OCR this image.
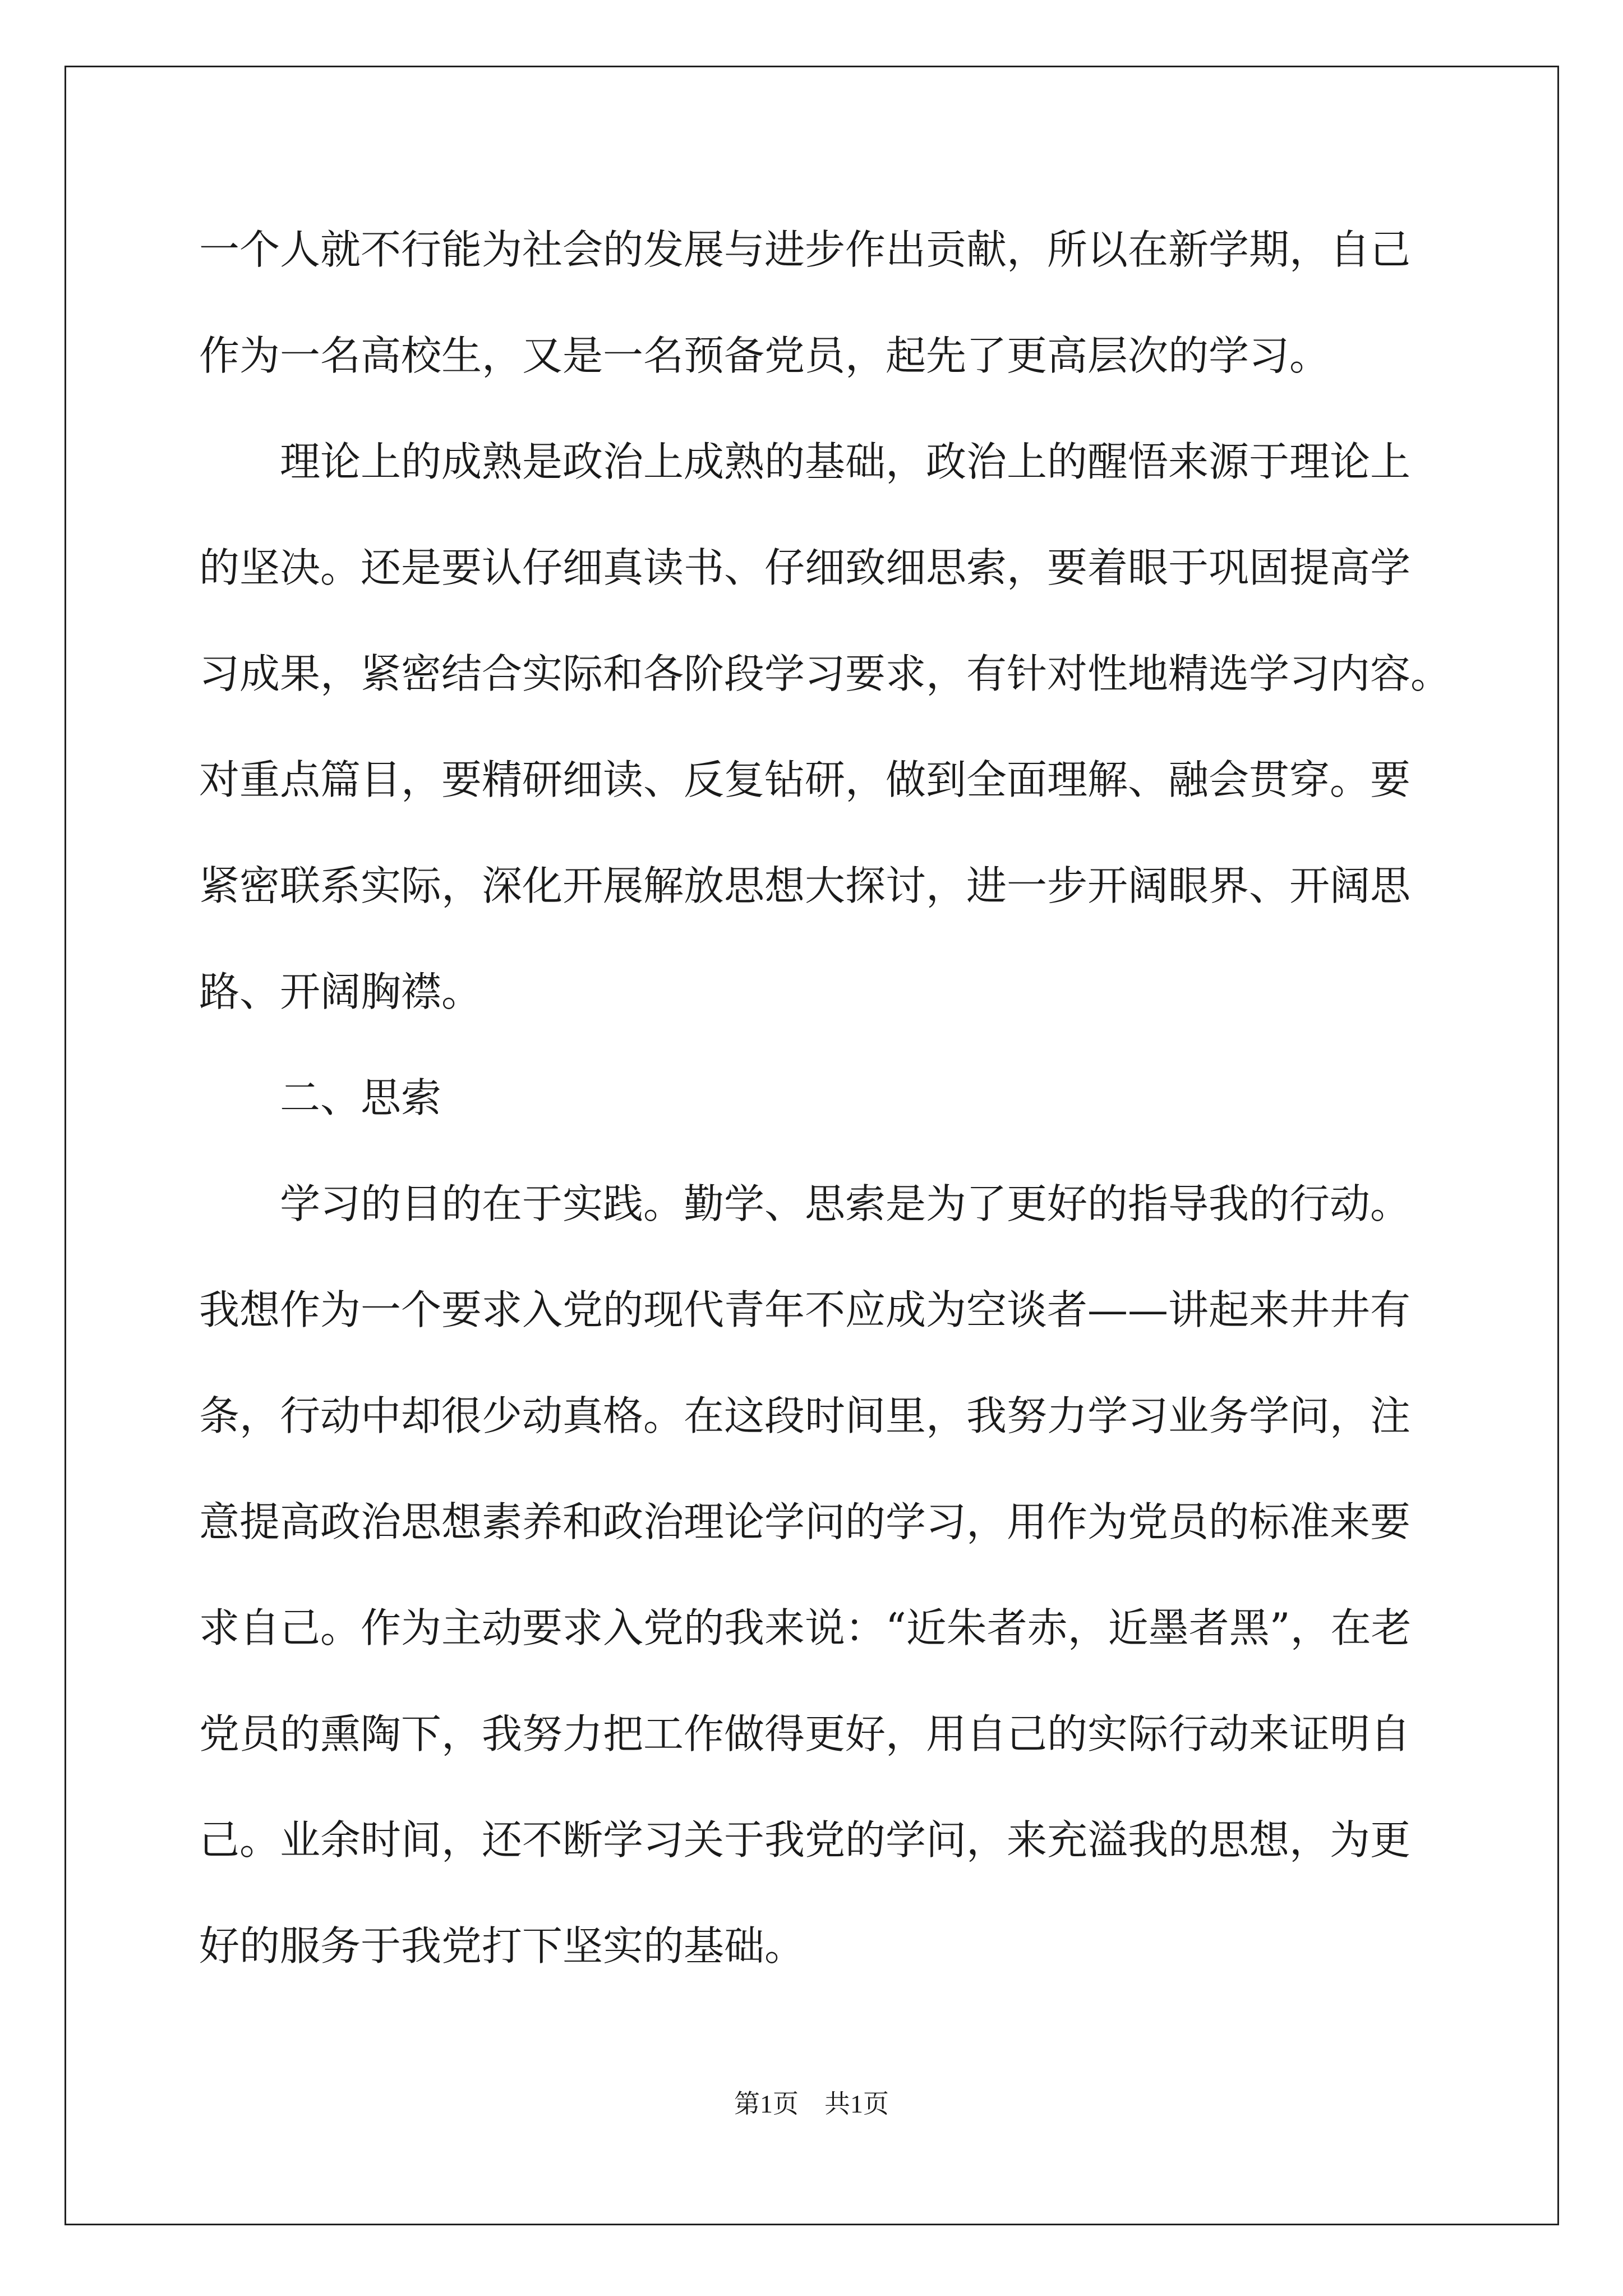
一个人就不行能为社会的发展与进步作出贡献，所以在新学期，自己
作为一名高校生，又是一名预备党员，起先了更高层次的学习。
理论上的成熟是政治上成熟的基础，政治上的醒悟来源于理论上
的坚决。还是要认仔细真读书、仔细致细思索，要着眼于巩固提高学
习成果，紧密结合实际和各阶段学习要求，有针对性地精选学习内容。
对重点篇目，要精研细读、反复钻研，做到全面理解、融会贯穿。要
紧密联系实际，深化开展解放思想大探讨，进一步开阔眼界、开阔思
路、开阔胸襟。
二、思索
学习的目的在于实践。勤学、思索是为了更好的指导我的行动。
我想作为一个要求入党的现代青年不应成为空谈者——讲起来井井有
条，行动中却很少动真格。在这段时间里，我努力学习业务学问，注
意提高政治思想素养和政治理论学问的学习，用作为党员的标准来要
求自己。作为主动要求入党的我来说：“近朱者赤，近墨者黑”，在老
党员的熏陶下，我努力把工作做得更好，用自己的实际行动来证明自
己。业余时间，还不断学习关于我党的学问，来充溢我的思想，为更
好的服务于我党打下坚实的基础。
第1页 共1页
